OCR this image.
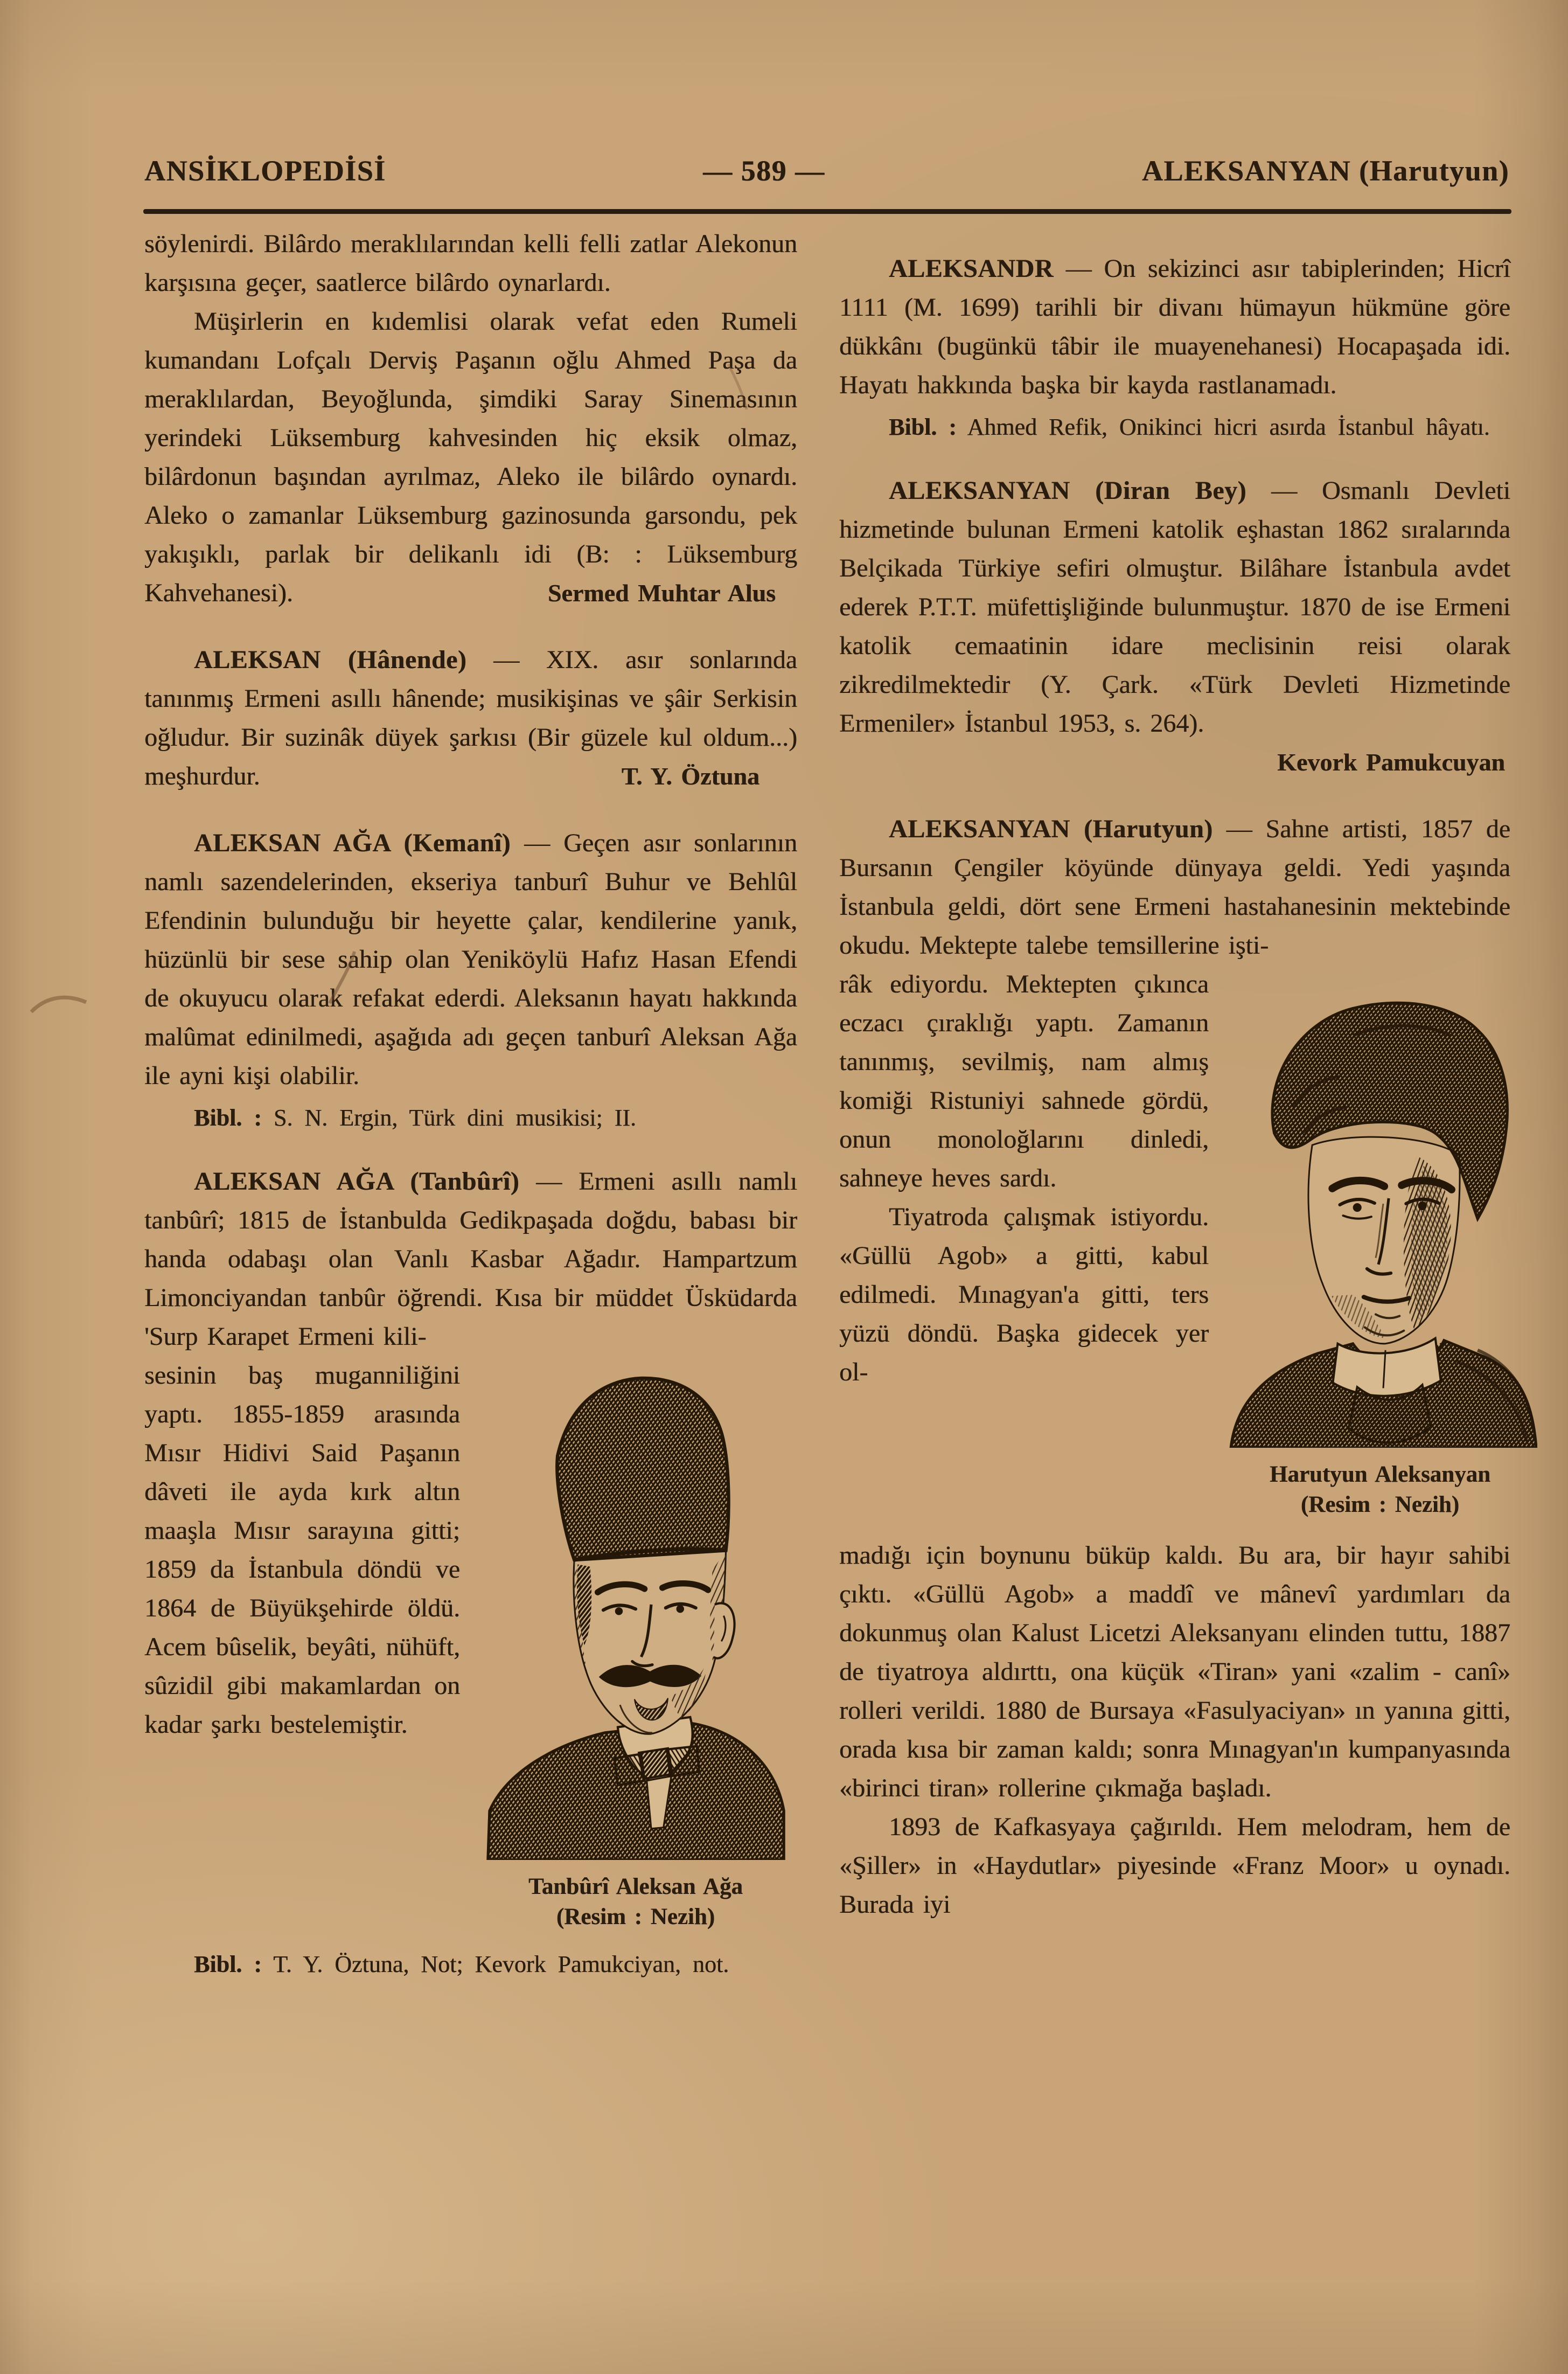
ANSİKLOPEDİSİ	— 589 —	ALEKSANYAN (Harutyun)

söylenirdi. Bilârdo meraklılarından kelli felli zatlar Alekonun karşısına geçer, saatlerce bilârdo oynarlardı.

Müşirlerin en kıdemlisi olarak vefat eden Rumeli kumandanı Lofçalı Derviş Paşanın oğlu Ahmed Paşa da meraklılardan, Beyoğlunda, şimdiki Saray Sinemasının yerindeki Lüksemburg kahvesinden hiç eksik olmaz, bilârdonun başından ayrılmaz, Aleko ile bilârdo oynardı. Aleko o zamanlar Lüksemburg gazinosunda garsondu, pek yakışıklı, parlak bir delikanlı idi (B: : Lüksemburg Kahvehanesi).	Sermed Muhtar Alus

ALEKSAN (Hânende) — XIX. asır sonlarında tanınmış Ermeni asıllı hânende; musikişinas ve şâir Serkisin oğludur. Bir suzinâk düyek şarkısı (Bir güzele kul oldum...) meşhurdur.	T. Y. Öztuna

ALEKSAN AĞA (Kemanî) — Geçen asır sonlarının namlı sazendelerinden, ekseriya tanburî Buhur ve Behlûl Efendinin bulunduğu bir heyette çalar, kendilerine yanık, hüzünlü bir sese sahip olan Yeniköylü Hafız Hasan Efendi de okuyucu olarak refakat ederdi. Aleksanın hayatı hakkında malûmat edinilmedi, aşağıda adı geçen tanburî Aleksan Ağa ile ayni kişi olabilir.

Bibl. : S. N. Ergin, Türk dini musikisi; II.

ALEKSAN AĞA (Tanbûrî) — Ermeni asıllı namlı tanbûrî; 1815 de İstanbulda Gedikpaşada doğdu, babası bir handa odabaşı olan Vanlı Kasbar Ağadır. Hampartzum Limonciyandan tanbûr öğrendi. Kısa bir müddet Üsküdarda 'Surp Karapet Ermeni kili-

Tanbûrî Aleksan Ağa
(Resim : Nezih)

sesinin baş muganniliğini yaptı. 1855-1859 arasında Mısır Hidivi Said Paşanın dâveti ile ayda kırk altın maaşla Mısır sarayına gitti; 1859 da İstanbula döndü ve 1864 de Büyükşehirde öldü. Acem bûselik, beyâti, nühüft, sûzidil gibi makamlardan on kadar şarkı bestelemiştir.

Bibl. : T. Y. Öztuna, Not; Kevork Pamukciyan, not.

ALEKSANDR — On sekizinci asır tabiplerinden; Hicrî 1111 (M. 1699) tarihli bir divanı hümayun hükmüne göre dükkânı (bugünkü tâbir ile muayenehanesi) Hocapaşada idi. Hayatı hakkında başka bir kayda rastlanamadı.

Bibl. : Ahmed Refik, Onikinci hicri asırda İstanbul hâyatı.

ALEKSANYAN (Diran Bey) — Osmanlı Devleti hizmetinde bulunan Ermeni katolik eşhastan 1862 sıralarında Belçikada Türkiye sefiri olmuştur. Bilâhare İstanbula avdet ederek P.T.T. müfettişliğinde bulunmuştur. 1870 de ise Ermeni katolik cemaatinin idare meclisinin reisi olarak zikredilmektedir (Y. Çark. «Türk Devleti Hizmetinde Ermeniler» İstanbul 1953, s. 264).

Kevork Pamukcuyan

ALEKSANYAN (Harutyun) — Sahne artisti, 1857 de Bursanın Çengiler köyünde dünyaya geldi. Yedi yaşında İstanbula geldi, dört sene Ermeni hastahanesinin mektebinde okudu. Mektepte talebe temsillerine işti-

Harutyun Aleksanyan
(Resim : Nezih)

râk ediyordu. Mektepten çıkınca eczacı çıraklığı yaptı. Zamanın tanınmış, sevilmiş, nam almış komiği Ristuniyi sahnede gördü, onun monoloğlarını dinledi, sahneye heves sardı.

Tiyatroda çalışmak istiyordu. «Güllü Agob» a gitti, kabul edilmedi. Mınagyan'a gitti, ters yüzü döndü. Başka gidecek yer ol-

madığı için boynunu büküp kaldı. Bu ara, bir hayır sahibi çıktı. «Güllü Agob» a maddî ve mânevî yardımları da dokunmuş olan Kalust Licetzi Aleksanyanı elinden tuttu, 1887 de tiyatroya aldırttı, ona küçük «Tiran» yani «zalim - canî» rolleri verildi. 1880 de Bursaya «Fasulyaciyan» ın yanına gitti, orada kısa bir zaman kaldı; sonra Mınagyan'ın kumpanyasında «birinci tiran» rollerine çıkmağa başladı.

1893 de Kafkasyaya çağırıldı. Hem melodram, hem de «Şiller» in «Haydutlar» piyesinde «Franz Moor» u oynadı. Burada iyi
